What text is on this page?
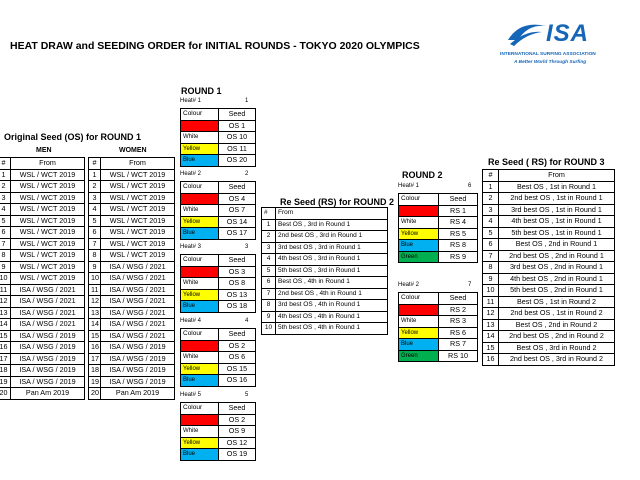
HEAT DRAW and SEEDING ORDER for INITIAL ROUNDS - TOKYO 2020 OLYMPICS	ISA
INTERNATIONAL SURFING ASSOCIATION
A Better World Through Surfing
Original Seed (OS) for ROUND 1
MEN	WOMEN
#	From
1	WSL / WCT 2019
2	WSL / WCT 2019
3	WSL / WCT 2019
4	WSL / WCT 2019
5	WSL / WCT 2019
6	WSL / WCT 2019
7	WSL / WCT 2019
8	WSL / WCT 2019
9	WSL / WCT 2019
10	WSL / WCT 2019
11	ISA / WSG / 2021
12	ISA / WSG / 2021
13	ISA / WSG / 2021
14	ISA / WSG / 2021
15	ISA / WSG / 2019
16	ISA / WSG / 2019
17	ISA / WSG / 2019
18	ISA / WSG / 2019
19	ISA / WSG / 2019
20	Pan Am 2019
#	From
1	WSL / WCT 2019
2	WSL / WCT 2019
3	WSL / WCT 2019
4	WSL / WCT 2019
5	WSL / WCT 2019
6	WSL / WCT 2019
7	WSL / WCT 2019
8	WSL / WCT 2019
9	ISA / WSG / 2021
10	ISA / WSG / 2021
11	ISA / WSG / 2021
12	ISA / WSG / 2021
13	ISA / WSG / 2021
14	ISA / WSG / 2021
15	ISA / WSG / 2021
16	ISA / WSG / 2019
17	ISA / WSG / 2019
18	ISA / WSG / 2019
19	ISA / WSG / 2019
20	Pan Am 2019
ROUND 1
Heat# 1	1
Colour	Seed
Red	OS 1
White	OS 10
Yellow	OS 11
Blue	OS 20
Heat# 2	2
Colour	Seed
Red	OS 4
White	OS 7
Yellow	OS 14
Blue	OS 17
Heat# 3	3
Colour	Seed
Red	OS 3
White	OS 8
Yellow	OS 13
Blue	OS 18
Heat# 4	4
Colour	Seed
Red	OS 2
White	OS 6
Yellow	OS 15
Blue	OS 16
Heat# 5	5
Colour	Seed
Red	OS 2
White	OS 9
Yellow	OS 12
Blue	OS 19
Re Seed (RS) for ROUND 2
#	From
1	Best OS , 3rd in Round 1
2	2nd best OS , 3rd in Round 1
3	3rd best OS , 3rd in Round 1
4	4th best OS , 3rd in Round 1
5	5th best OS , 3rd in Round 1
6	Best OS , 4th in Round 1
7	2nd best OS , 4th in Round 1
8	3rd best OS , 4th in Round 1
9	4th best OS , 4th in Round 1
10	5th best OS , 4th in Round 1
ROUND 2
Heat# 1	6
Colour	Seed
Red	RS 1
White	RS 4
Yellow	RS 5
Blue	RS 8
Green	RS 9
Heat# 2	7
Colour	Seed
Red	RS 2
White	RS 3
Yellow	RS 6
Blue	RS 7
Green	RS 10
Re Seed ( RS) for ROUND 3
#	From
1	Best OS , 1st in Round 1
2	2nd best OS , 1st in Round 1
3	3rd best OS , 1st in Round 1
4	4th best OS , 1st in Round 1
5	5th best OS , 1st in Round 1
6	Best OS , 2nd in Round 1
7	2nd best OS , 2nd in Round 1
8	3rd best OS , 2nd in Round 1
9	4th best OS , 2nd in Round 1
10	5th best OS , 2nd in Round 1
11	Best OS , 1st in Round 2
12	2nd best OS , 1st in Round 2
13	Best OS , 2nd in Round 2
14	2nd best OS , 2nd in Round 2
15	Best OS , 3rd in Round 2
16	2nd best OS , 3rd in Round 2
